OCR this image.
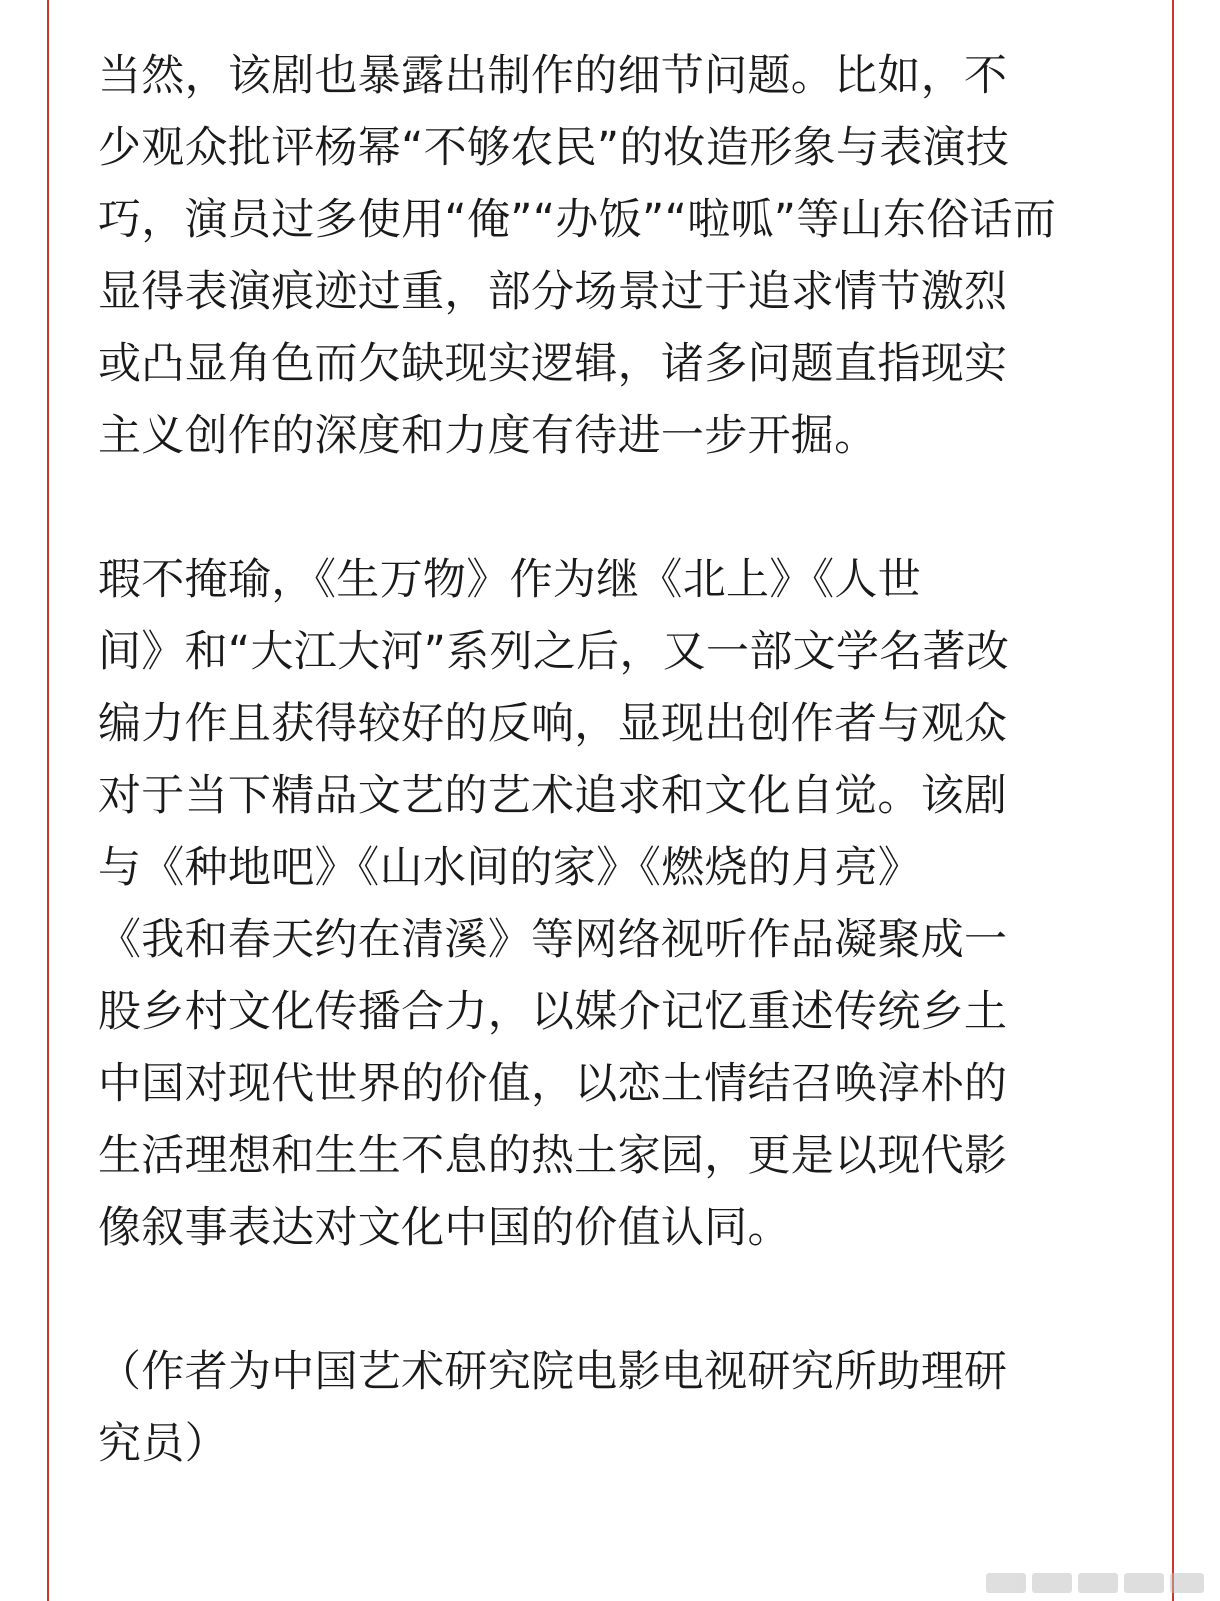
当然，该剧也暴露出制作的细节问题。比如，不
少观众批评杨幂“不够农民”的妆造形象与表演技
巧，演员过多使用“俺”“办饭”“啦呱”等山东俗话而
显得表演痕迹过重，部分场景过于追求情节激烈
或凸显角色而欠缺现实逻辑，诸多问题直指现实
主义创作的深度和力度有待进一步开掘。
瑕不掩瑜，《生万物》作为继《北上》《人世
间》和“大江大河”系列之后，又一部文学名著改
编力作且获得较好的反响，显现出创作者与观众
对于当下精品文艺的艺术追求和文化自觉。该剧
与《种地吧》《山水间的家》《燃烧的月亮》
《我和春天约在清溪》等网络视听作品凝聚成一
股乡村文化传播合力，以媒介记忆重述传统乡土
中国对现代世界的价值，以恋土情结召唤淳朴的
生活理想和生生不息的热土家园，更是以现代影
像叙事表达对文化中国的价值认同。
（作者为中国艺术研究院电影电视研究所助理研
究员）
